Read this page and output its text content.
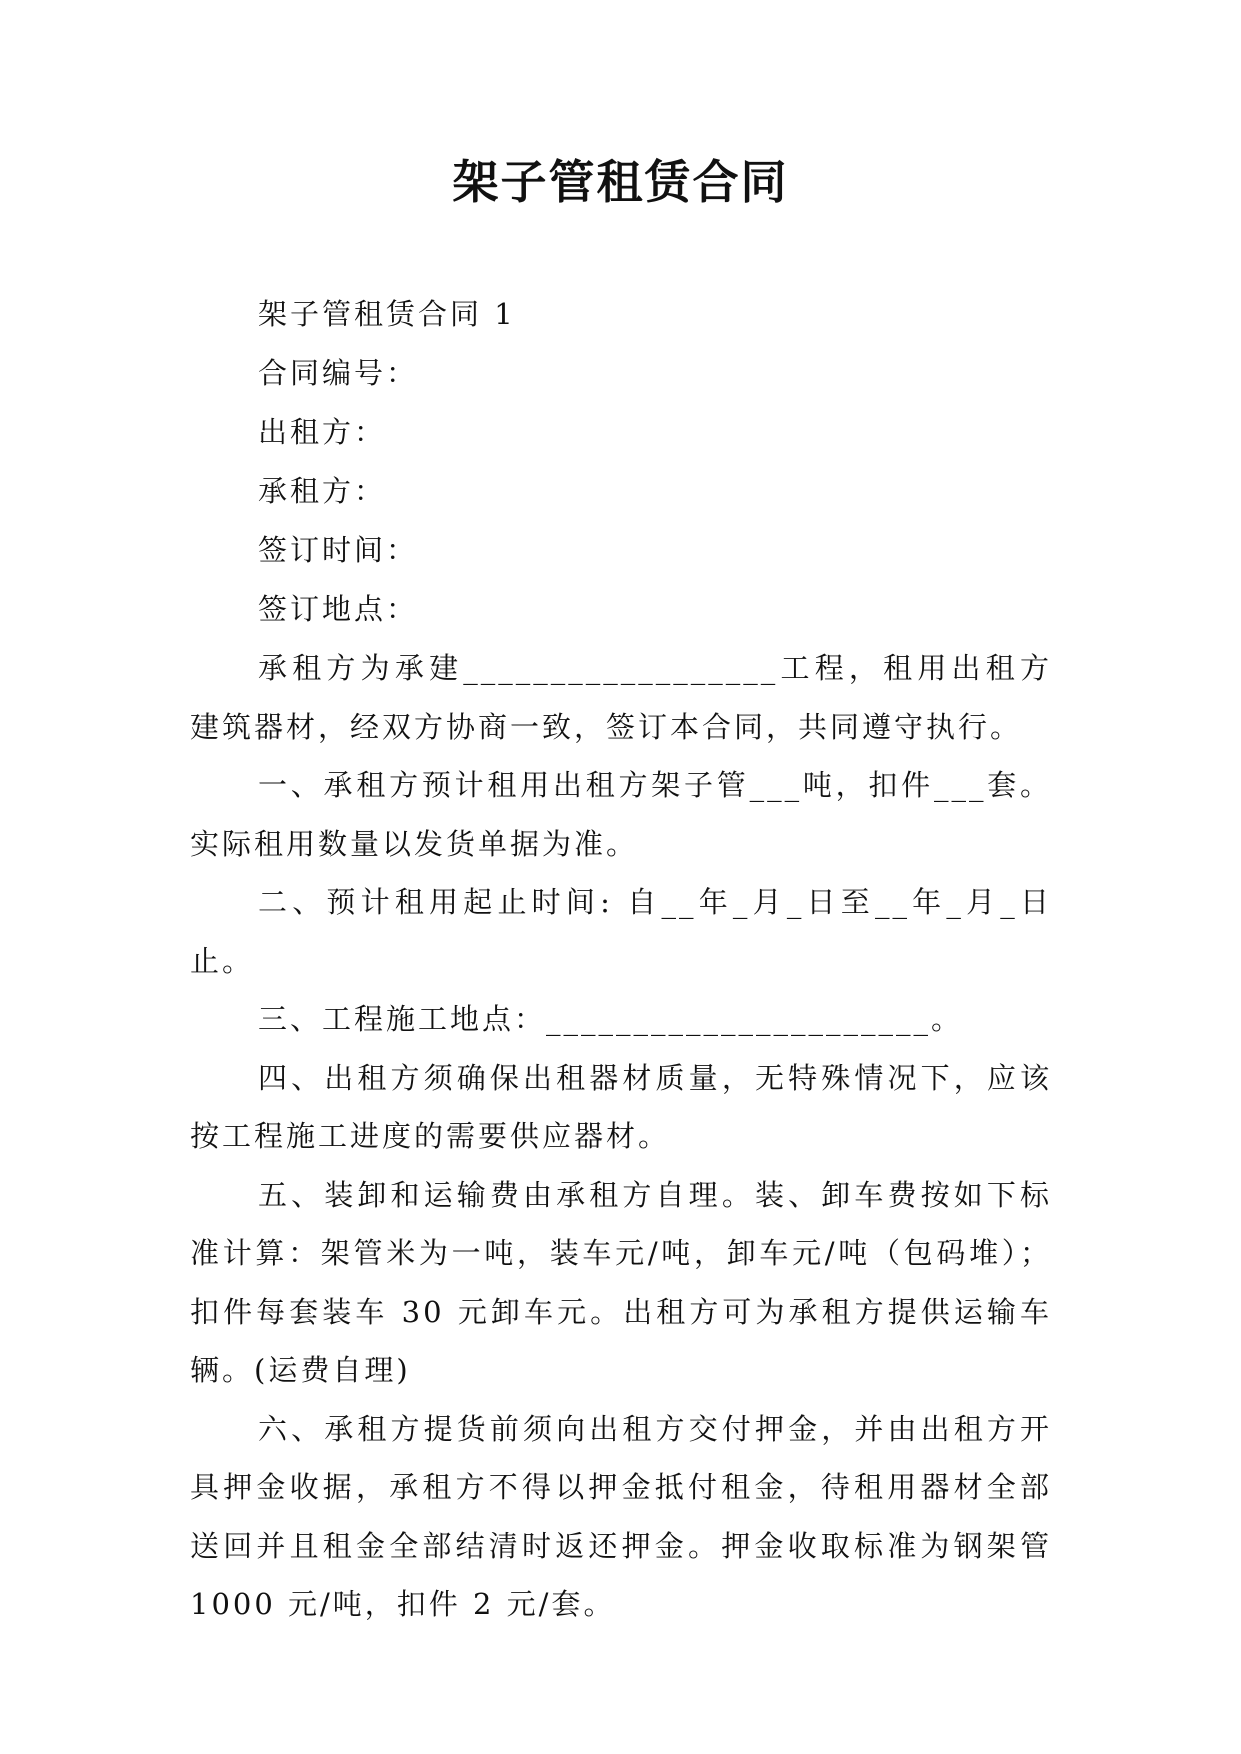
架子管租赁合同

架子管租赁合同 1

合同编号：

出租方：

承租方：

签订时间：

签订地点：

承租方为承建__________________工程，租用出租方建筑器材，经双方协商一致，签订本合同，共同遵守执行。

一、承租方预计租用出租方架子管___吨，扣件___套。实际租用数量以发货单据为准。

二、预计租用起止时间: 自__年_月_日至__年_月_日止。

三、工程施工地点：______________________。

四、出租方须确保出租器材质量，无特殊情况下，应该按工程施工进度的需要供应器材。

五、装卸和运输费由承租方自理。装、卸车费按如下标准计算：架管米为一吨，装车元/吨，卸车元/吨（包码堆）；扣件每套装车 30 元卸车元。出租方可为承租方提供运输车辆。(运费自理)

六、承租方提货前须向出租方交付押金，并由出租方开具押金收据，承租方不得以押金抵付租金，待租用器材全部送回并且租金全部结清时返还押金。押金收取标准为钢架管 1000 元/吨，扣件 2 元/套。
